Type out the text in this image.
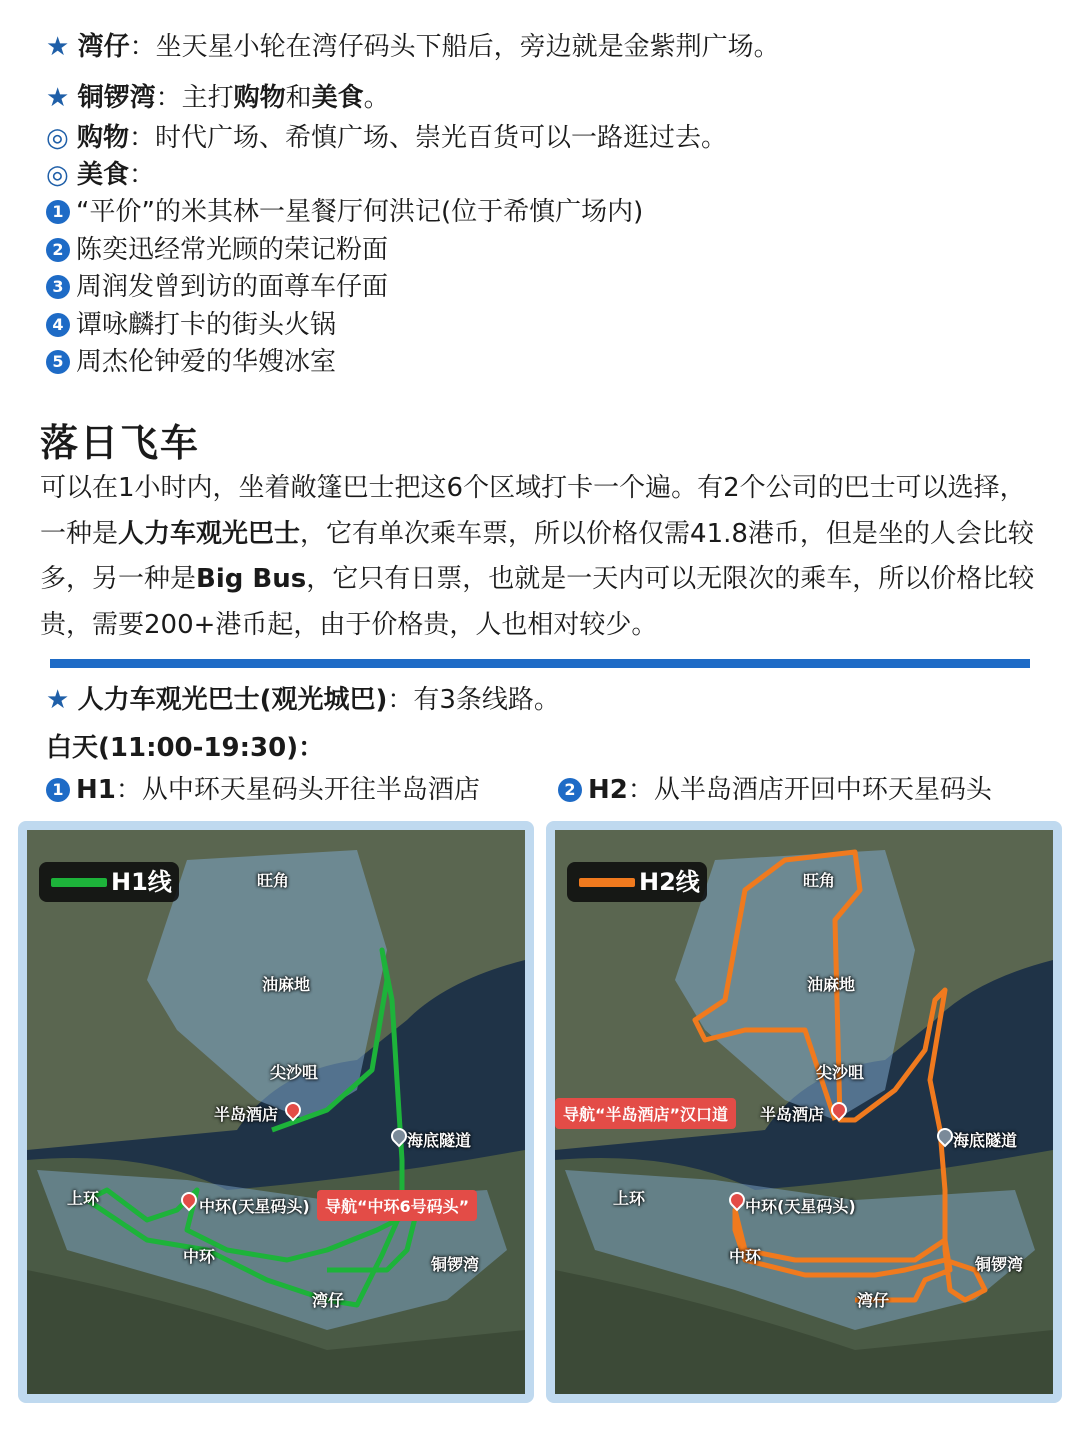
★ 湾仔：坐天星小轮在湾仔码头下船后，旁边就是金紫荆广场。
★ 铜锣湾：主打购物和美食。
◎ 购物：时代广场、希慎广场、崇光百货可以一路逛过去。
◎ 美食：
1 “平价”的米其林一星餐厅何洪记(位于希慎广场内)
2 陈奕迅经常光顾的荣记粉面
3 周润发曾到访的面尊车仔面
4 谭咏麟打卡的街头火锅
5 周杰伦钟爱的华嫂冰室
落日飞车

可以在1小时内，坐着敞篷巴士把这6个区域打卡一个遍。有2个公司的巴士可以选择，一种是人力车观光巴士，它有单次乘车票，所以价格仅需41.8港币，但是坐的人会比较多，另一种是Big Bus，它只有日票，也就是一天内可以无限次的乘车，所以价格比较贵，需要200+港币起，由于价格贵，人也相对较少。

★ 人力车观光巴士(观光城巴)：有3条线路。
白天(11:00-19:30)：
1 H1：从中环天星码头开往半岛酒店	2 H2：从半岛酒店开回中环天星码头
H1线	旺角
油麻地
尖沙咀
半岛酒店
海底隧道
上环	中环(天星码头) 导航“中环6号码头”
中环
湾仔
铜锣湾
H2线	旺角
油麻地
尖沙咀
导航“半岛酒店”汉口道	半岛酒店
海底隧道
上环	中环(天星码头)
中环
湾仔
铜锣湾
